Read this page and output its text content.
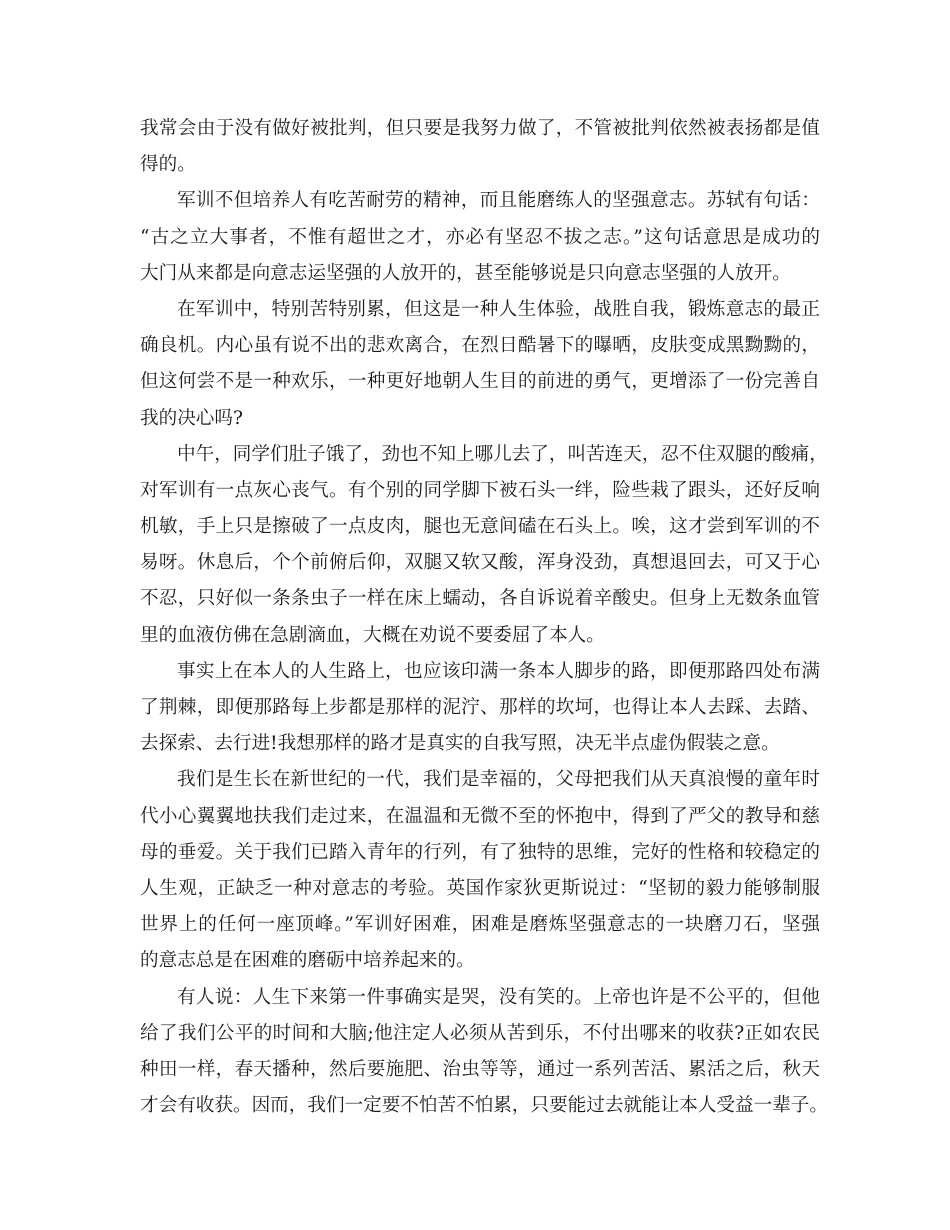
我常会由于没有做好被批判，但只要是我努力做了，不管被批判依然被表扬都是值
得的。
军训不但培养人有吃苦耐劳的精神，而且能磨练人的坚强意志。苏轼有句话：
“古之立大事者，不惟有超世之才，亦必有坚忍不拔之志。”这句话意思是成功的
大门从来都是向意志运坚强的人放开的，甚至能够说是只向意志坚强的人放开。
在军训中，特别苦特别累，但这是一种人生体验，战胜自我，锻炼意志的最正
确良机。内心虽有说不出的悲欢离合，在烈日酷暑下的曝晒，皮肤变成黑黝黝的，
但这何尝不是一种欢乐，一种更好地朝人生目的前进的勇气，更增添了一份完善自
我的决心吗?
中午，同学们肚子饿了，劲也不知上哪儿去了，叫苦连天，忍不住双腿的酸痛，
对军训有一点灰心丧气。有个别的同学脚下被石头一绊，险些栽了跟头，还好反响
机敏，手上只是擦破了一点皮肉，腿也无意间磕在石头上。唉，这才尝到军训的不
易呀。休息后，个个前俯后仰，双腿又软又酸，浑身没劲，真想退回去，可又于心
不忍，只好似一条条虫子一样在床上蠕动，各自诉说着辛酸史。但身上无数条血管
里的血液仿佛在急剧滴血，大概在劝说不要委屈了本人。
事实上在本人的人生路上，也应该印满一条本人脚步的路，即便那路四处布满
了荆棘，即便那路每上步都是那样的泥泞、那样的坎坷，也得让本人去踩、去踏、
去探索、去行进!我想那样的路才是真实的自我写照，决无半点虚伪假装之意。
我们是生长在新世纪的一代，我们是幸福的，父母把我们从天真浪慢的童年时
代小心翼翼地扶我们走过来，在温温和无微不至的怀抱中，得到了严父的教导和慈
母的垂爱。关于我们已踏入青年的行列，有了独特的思维，完好的性格和较稳定的
人生观，正缺乏一种对意志的考验。英国作家狄更斯说过：“坚韧的毅力能够制服
世界上的任何一座顶峰。”军训好困难，困难是磨炼坚强意志的一块磨刀石，坚强
的意志总是在困难的磨砺中培养起来的。
有人说：人生下来第一件事确实是哭，没有笑的。上帝也许是不公平的，但他
给了我们公平的时间和大脑;他注定人必须从苦到乐，不付出哪来的收获?正如农民
种田一样，春天播种，然后要施肥、治虫等等，通过一系列苦活、累活之后，秋天
才会有收获。因而，我们一定要不怕苦不怕累，只要能过去就能让本人受益一辈子。
